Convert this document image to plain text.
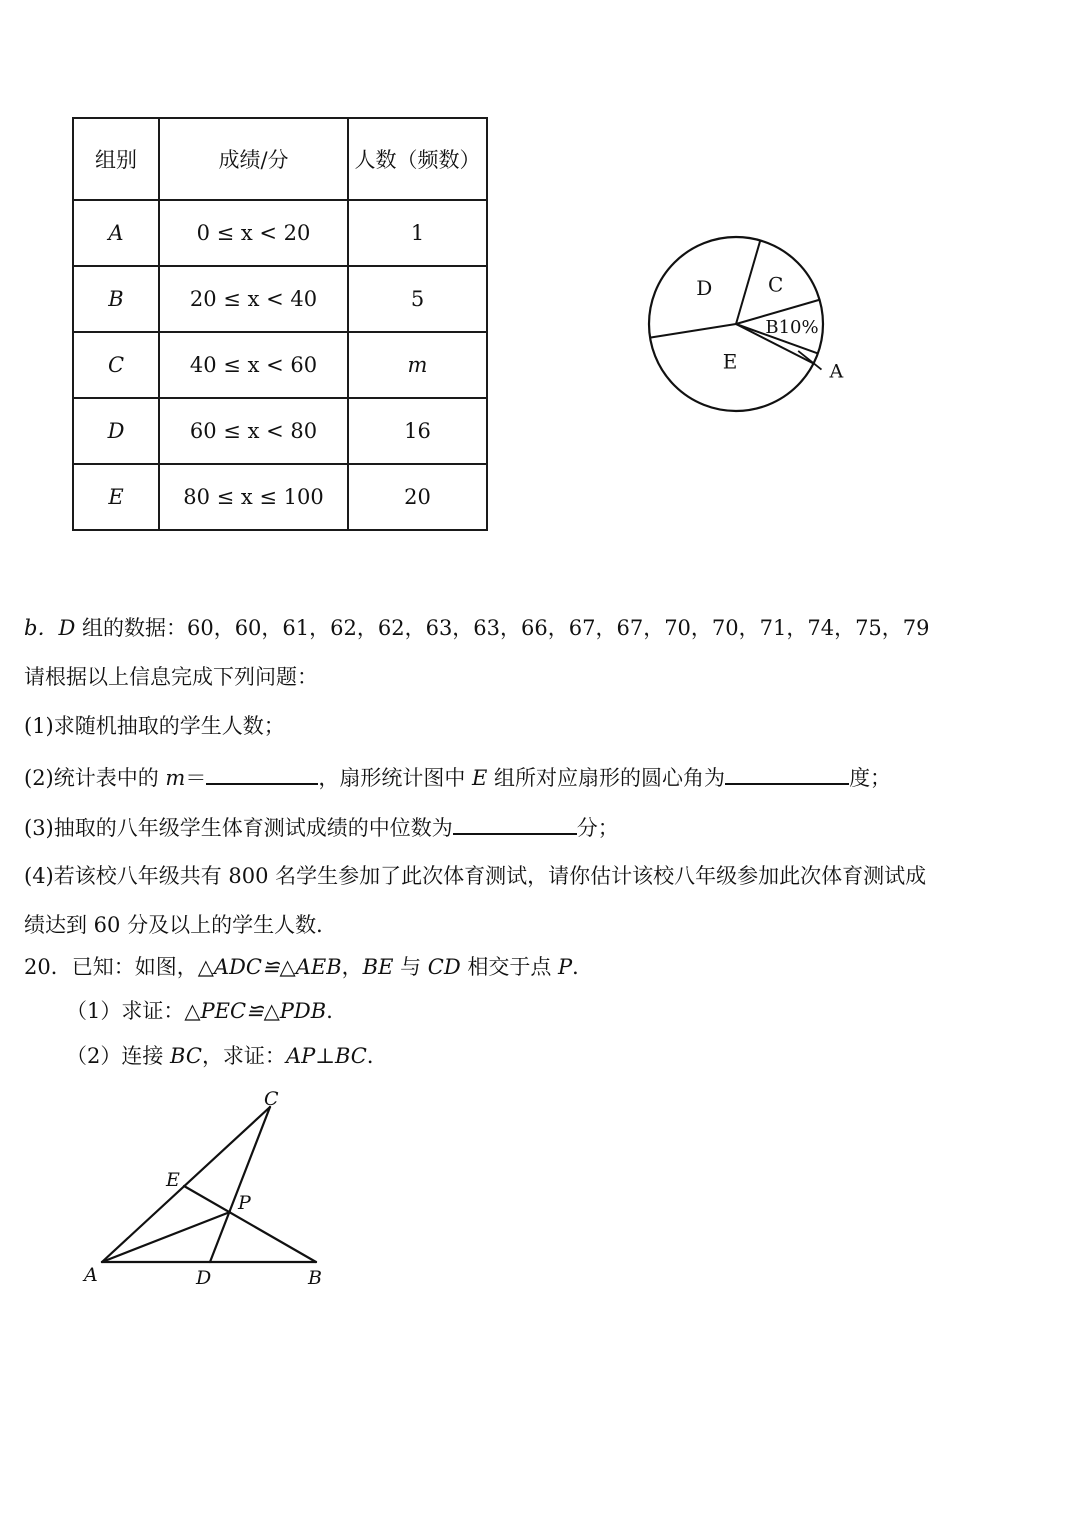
组别	成绩/分	人数（频数）
A	0 ≤ x < 20	1
B	20 ≤ x < 40	5
C	40 ≤ x < 60	m
D	60 ≤ x < 80	16
E	80 ≤ x ≤ 100	20
D	C
E
B10%
A
b．D 组的数据：60，60，61，62，62，63，63，66，67，67，70，70，71，74，75，79
请根据以上信息完成下列问题：
(1)求随机抽取的学生人数；
(2)统计表中的 m＝	，扇形统计图中 E 组所对应扇形的圆心角为	度；
(3)抽取的八年级学生体育测试成绩的中位数为	分；
(4)若该校八年级共有 800 名学生参加了此次体育测试，请你估计该校八年级参加此次体育测试成
绩达到 60 分及以上的学生人数．
20．已知：如图，△ADC≌△AEB，BE 与 CD 相交于点 P．
（1）求证：△PEC≌△PDB．
（2）连接 BC，求证：AP⊥BC．
A	D	B
C
E
P
